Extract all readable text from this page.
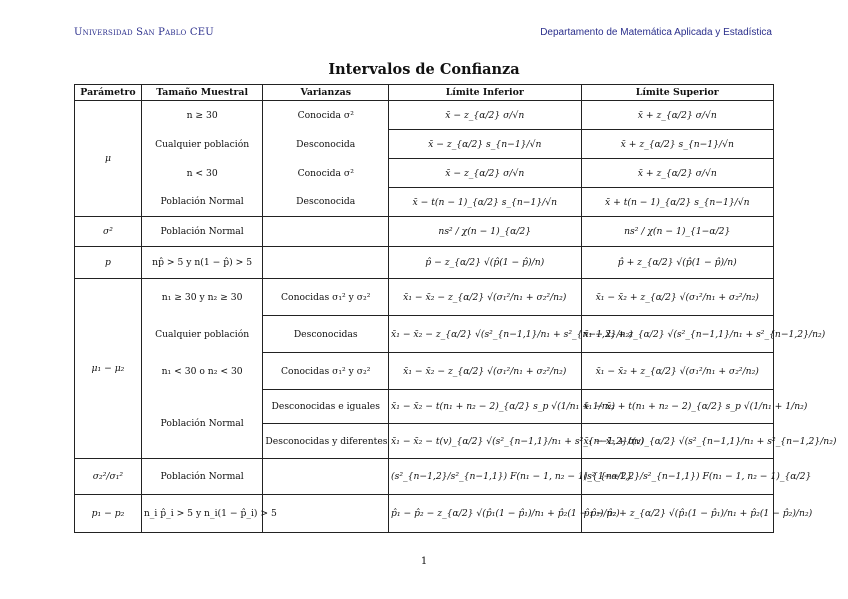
Universidad San Pablo CEU	Departamento de Matemática Aplicada y Estadística
Intervalos de Confianza
Parámetro	Tamaño Muestral	Varianzas	Límite Inferior	Límite Superior
μ	n ≥ 30	Conocida σ²	x̄ − z_{α/2} σ/√n	x̄ + z_{α/2} σ/√n
	Cualquier población	Desconocida	x̄ − z_{α/2} s_{n−1}/√n	x̄ + z_{α/2} s_{n−1}/√n
	n < 30	Conocida σ²	x̄ − z_{α/2} σ/√n	x̄ + z_{α/2} σ/√n
	Población Normal	Desconocida	x̄ − t(n − 1)_{α/2} s_{n−1}/√n	x̄ + t(n − 1)_{α/2} s_{n−1}/√n
σ²	Población Normal		ns² / χ(n − 1)_{α/2}	ns² / χ(n − 1)_{1−α/2}
p	np̂ > 5 y n(1 − p̂) > 5		p̂ − z_{α/2} √(p̂(1 − p̂)/n)	p̂ + z_{α/2} √(p̂(1 − p̂)/n)
μ₁ − μ₂	n₁ ≥ 30 y n₂ ≥ 30	Conocidas σ₁² y σ₂²	x̄₁ − x̄₂ − z_{α/2} √(σ₁²/n₁ + σ₂²/n₂)	x̄₁ − x̄₂ + z_{α/2} √(σ₁²/n₁ + σ₂²/n₂)
	Cualquier población	Desconocidas	x̄₁ − x̄₂ − z_{α/2} √(s²_{n−1,1}/n₁ + s²_{n−1,2}/n₂)	x̄₁ − x̄₂ + z_{α/2} √(s²_{n−1,1}/n₁ + s²_{n−1,2}/n₂)
	n₁ < 30 o n₂ < 30	Conocidas σ₁² y σ₂²	x̄₁ − x̄₂ − z_{α/2} √(σ₁²/n₁ + σ₂²/n₂)	x̄₁ − x̄₂ + z_{α/2} √(σ₁²/n₁ + σ₂²/n₂)
	Población Normal	Desconocidas e iguales	x̄₁ − x̄₂ − t(n₁ + n₂ − 2)_{α/2} s_p √(1/n₁ + 1/n₂)	x̄₁ − x̄₂ + t(n₁ + n₂ − 2)_{α/2} s_p √(1/n₁ + 1/n₂)
		Desconocidas y diferentes	x̄₁ − x̄₂ − t(v)_{α/2} √(s²_{n−1,1}/n₁ + s²_{n−1,2}/n₂)	x̄₁ − x̄₂ + t(v)_{α/2} √(s²_{n−1,1}/n₁ + s²_{n−1,2}/n₂)
σ₂²/σ₁²	Población Normal		(s²_{n−1,2}/s²_{n−1,1}) F(n₁ − 1, n₂ − 1)_{1−α/2}	(s²_{n−1,2}/s²_{n−1,1}) F(n₁ − 1, n₂ − 1)_{α/2}
p₁ − p₂	n_i p̂_i > 5 y n_i(1 − p̂_i) > 5		p̂₁ − p̂₂ − z_{α/2} √(p̂₁(1 − p̂₁)/n₁ + p̂₂(1 − p̂₂)/n₂)	p̂₁ − p̂₂ + z_{α/2} √(p̂₁(1 − p̂₁)/n₁ + p̂₂(1 − p̂₂)/n₂)
1
